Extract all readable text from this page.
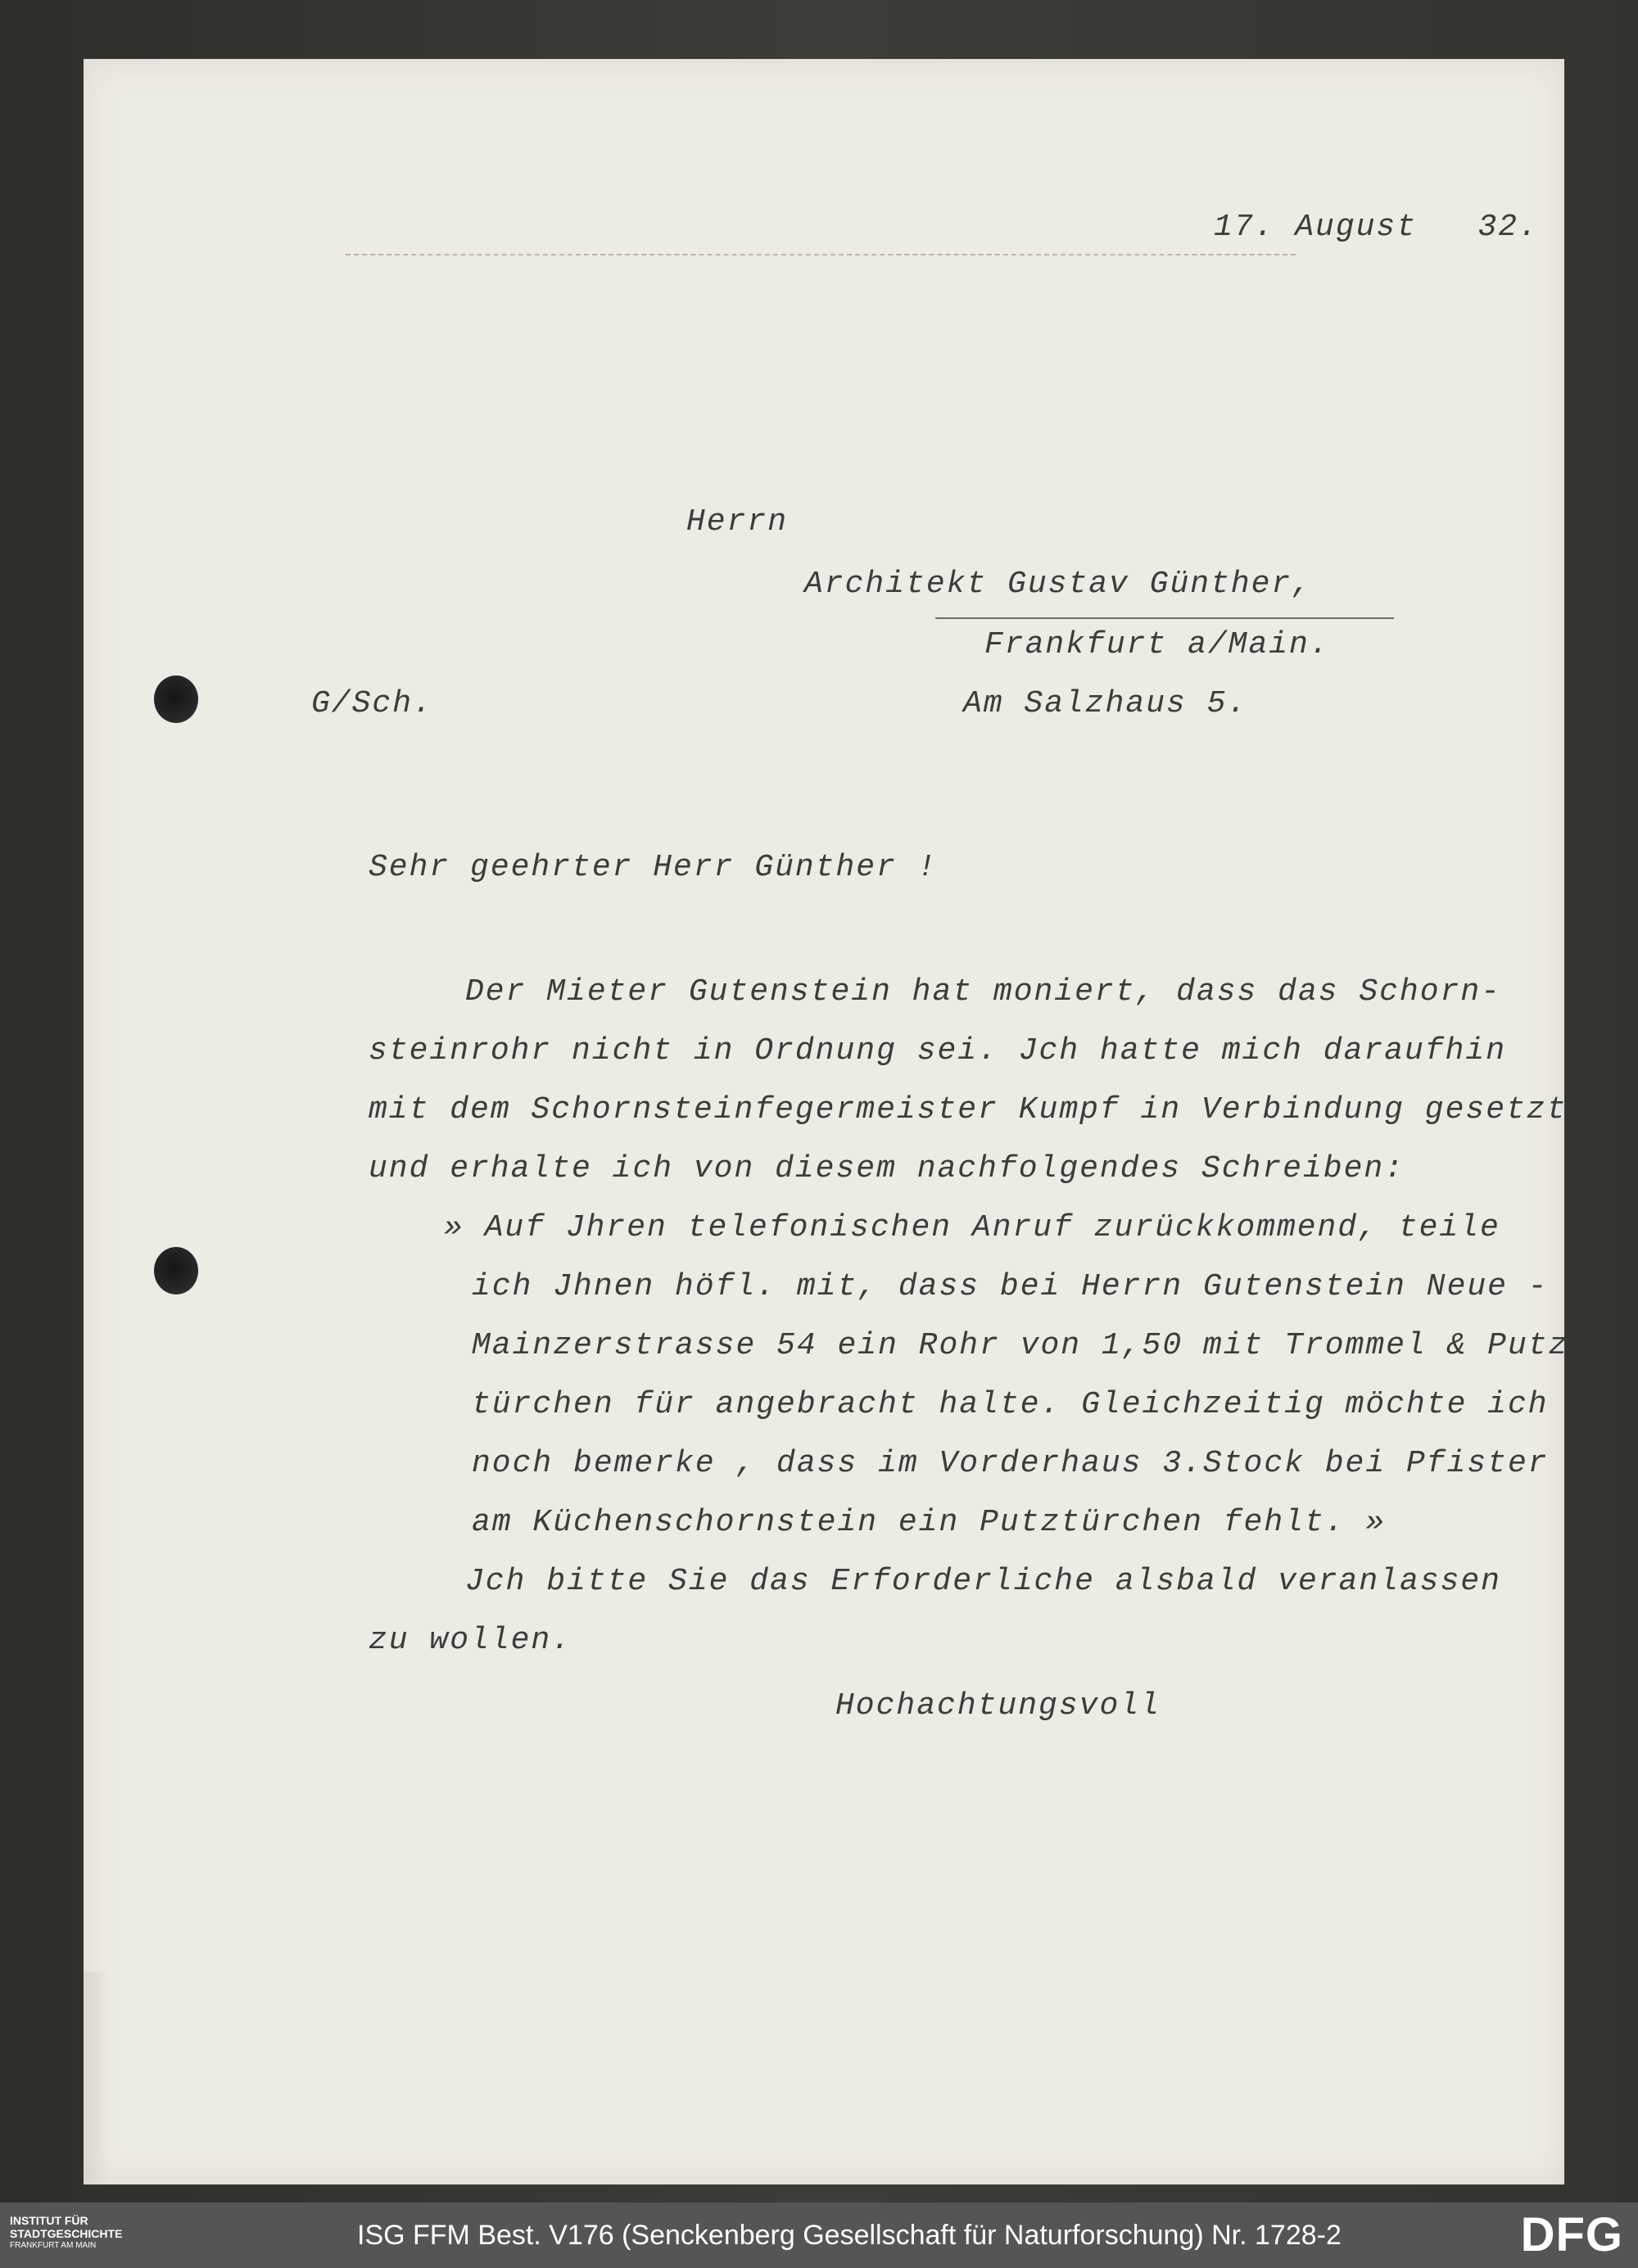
17. August   32.

Herrn

Architekt Gustav Günther,

Frankfurt a/Main.

G/Sch.	Am Salzhaus 5.

Sehr geehrter Herr Günther !

Der Mieter Gutenstein hat moniert, dass das Schorn-

steinrohr nicht in Ordnung sei. Jch hatte mich daraufhin

mit dem Schornsteinfegermeister Kumpf in Verbindung gesetzt

und erhalte ich von diesem nachfolgendes Schreiben:

» Auf Jhren telefonischen Anruf zurückkommend, teile

ich Jhnen höfl. mit, dass bei Herrn Gutenstein Neue -

Mainzerstrasse 54 ein Rohr von 1,50 mit Trommel & Putz

türchen für angebracht halte. Gleichzeitig möchte ich

noch bemerke , dass im Vorderhaus 3.Stock bei Pfister

am Küchenschornstein ein Putztürchen fehlt. »

Jch bitte Sie das Erforderliche alsbald veranlassen

zu wollen.

Hochachtungsvoll

INSTITUT FÜR
STADTGESCHICHTE
FRANKFURT AM MAIN	ISG FFM Best. V176 (Senckenberg Gesellschaft für Naturforschung) Nr. 1728-2	DFG
